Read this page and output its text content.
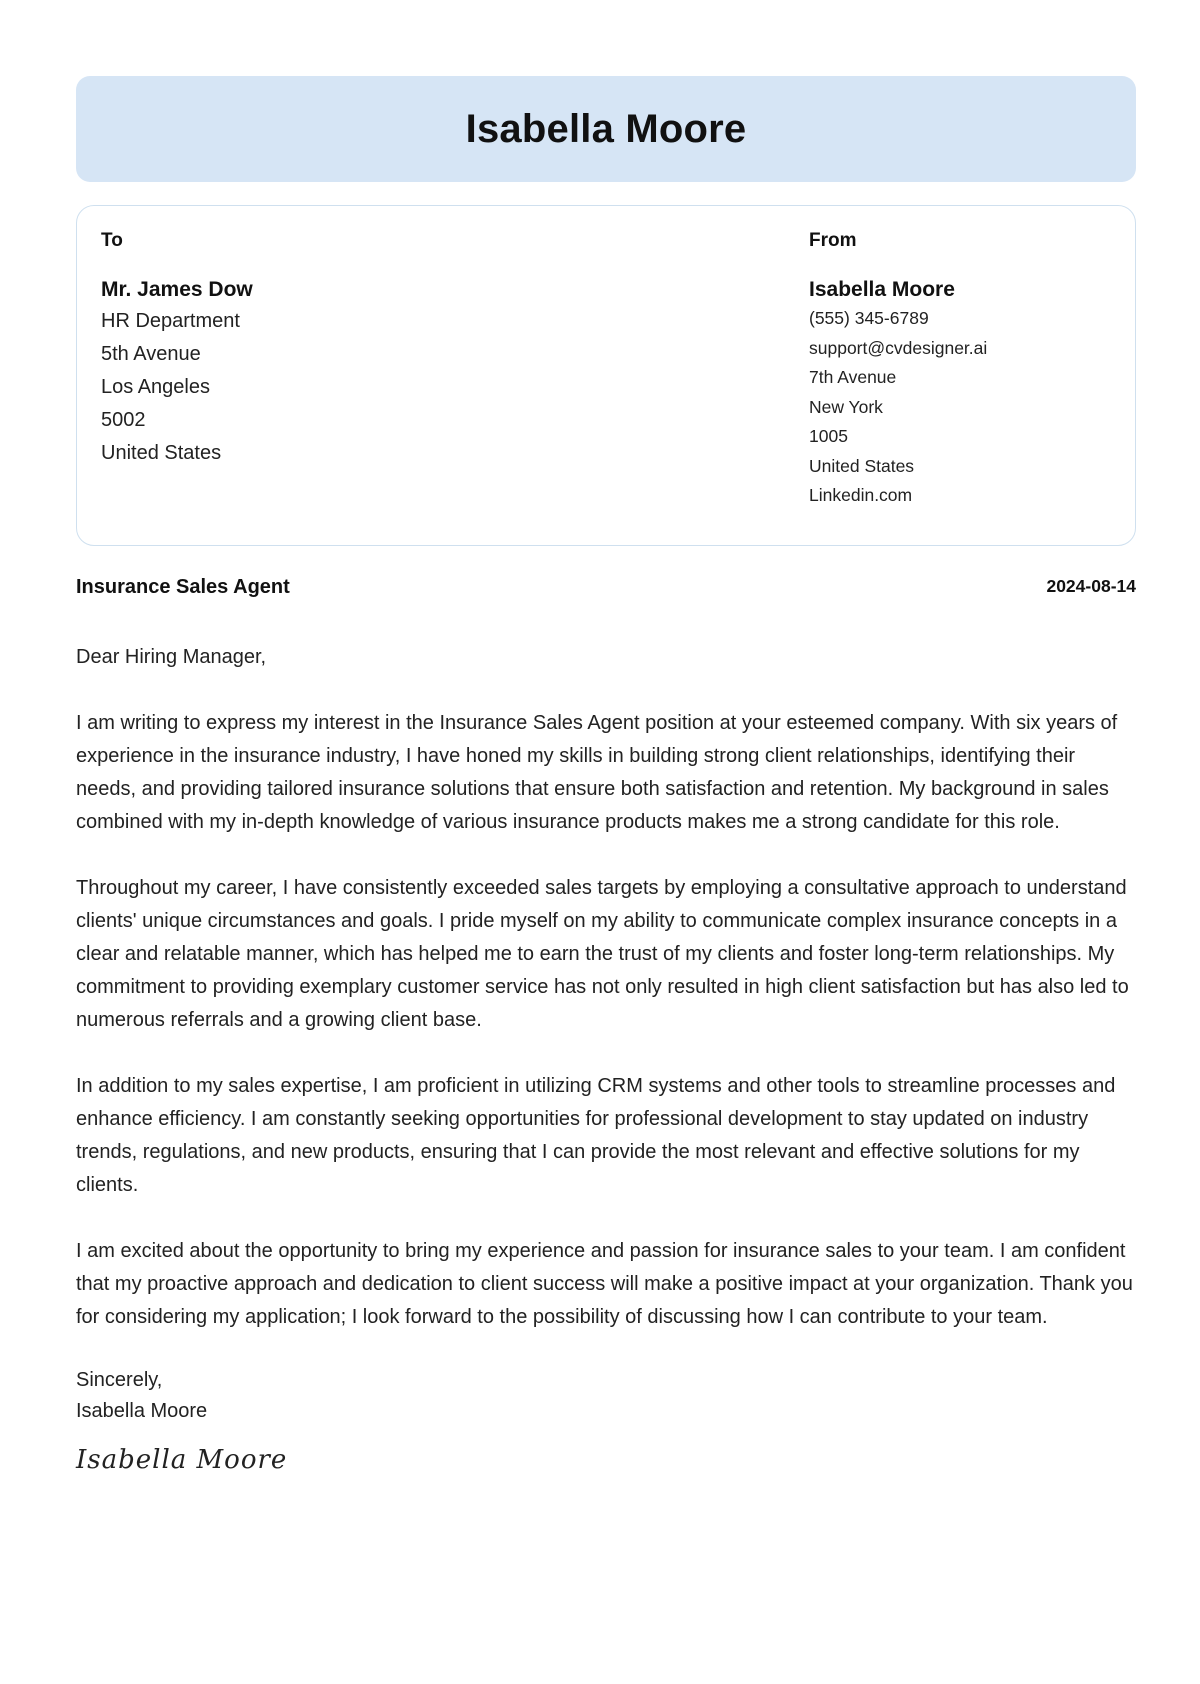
Isabella Moore
To
Mr. James Dow
HR Department
5th Avenue
Los Angeles
5002
United States
From
Isabella Moore
(555) 345-6789
support@cvdesigner.ai
7th Avenue
New York
1005
United States
Linkedin.com
Insurance Sales Agent	2024-08-14

Dear Hiring Manager,

I am writing to express my interest in the Insurance Sales Agent position at your esteemed company. With six years of experience in the insurance industry, I have honed my skills in building strong client relationships, identifying their needs, and providing tailored insurance solutions that ensure both satisfaction and retention. My background in sales combined with my in-depth knowledge of various insurance products makes me a strong candidate for this role.

Throughout my career, I have consistently exceeded sales targets by employing a consultative approach to understand clients' unique circumstances and goals. I pride myself on my ability to communicate complex insurance concepts in a clear and relatable manner, which has helped me to earn the trust of my clients and foster long-term relationships. My commitment to providing exemplary customer service has not only resulted in high client satisfaction but has also led to numerous referrals and a growing client base.

In addition to my sales expertise, I am proficient in utilizing CRM systems and other tools to streamline processes and enhance efficiency. I am constantly seeking opportunities for professional development to stay updated on industry trends, regulations, and new products, ensuring that I can provide the most relevant and effective solutions for my clients.

I am excited about the opportunity to bring my experience and passion for insurance sales to your team. I am confident that my proactive approach and dedication to client success will make a positive impact at your organization. Thank you for considering my application; I look forward to the possibility of discussing how I can contribute to your team.

Sincerely,
Isabella Moore
Isabella Moore
